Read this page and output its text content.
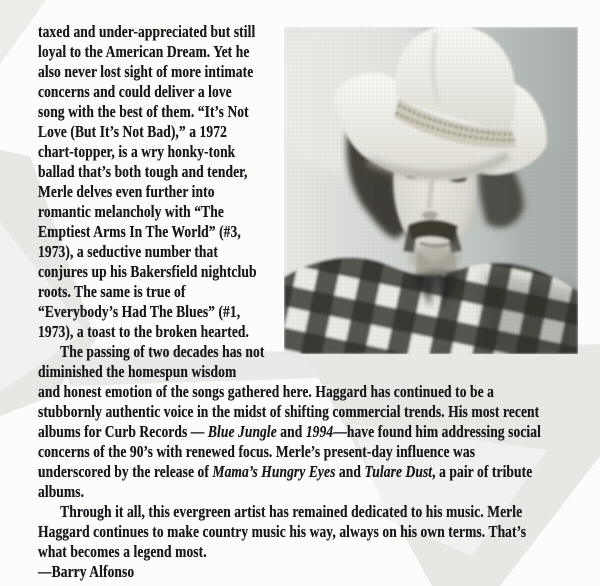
taxed and under-appreciated but still
loyal to the American Dream. Yet he
also never lost sight of more intimate
concerns and could deliver a love
song with the best of them. “It’s Not
Love (But It’s Not Bad),” a 1972
chart-topper, is a wry honky-tonk
ballad that’s both tough and tender,
Merle delves even further into
romantic melancholy with “The
Emptiest Arms In The World” (#3,
1973), a seductive number that
conjures up his Bakersfield nightclub
roots. The same is true of
“Everybody’s Had The Blues” (#1,
1973), a toast to the broken hearted.
The passing of two decades has not
diminished the homespun wisdom
and honest emotion of the songs gathered here. Haggard has continued to be a
stubbornly authentic voice in the midst of shifting commercial trends. His most recent
albums for Curb Records — Blue Jungle and 1994—have found him addressing social
concerns of the 90’s with renewed focus. Merle’s present-day influence was
underscored by the release of Mama’s Hungry Eyes and Tulare Dust, a pair of tribute
albums.
Through it all, this evergreen artist has remained dedicated to his music. Merle
Haggard continues to make country music his way, always on his own terms. That’s
what becomes a legend most.
—Barry Alfonso
